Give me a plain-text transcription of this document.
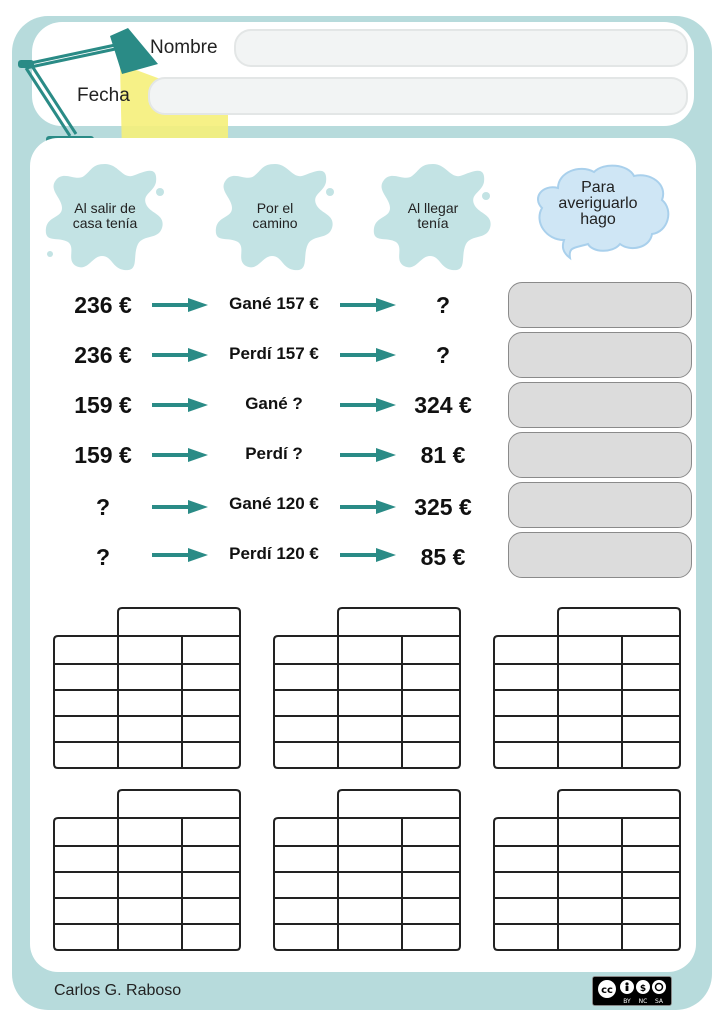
Nombre
Fecha
Al salir de
casa tenía
Por el
camino
Al llegar
tenía
Para
averiguarlo
hago
236 €	Gané 157 €	?
236 €	Perdí 157 €	?
159 €	Gané ?	324 €
159 €	Perdí ?	81 €
?	Gané 120 €	325 €
?	Perdí 120 €	85 €
Carlos G. Raboso	cc	$
BY NC SA
